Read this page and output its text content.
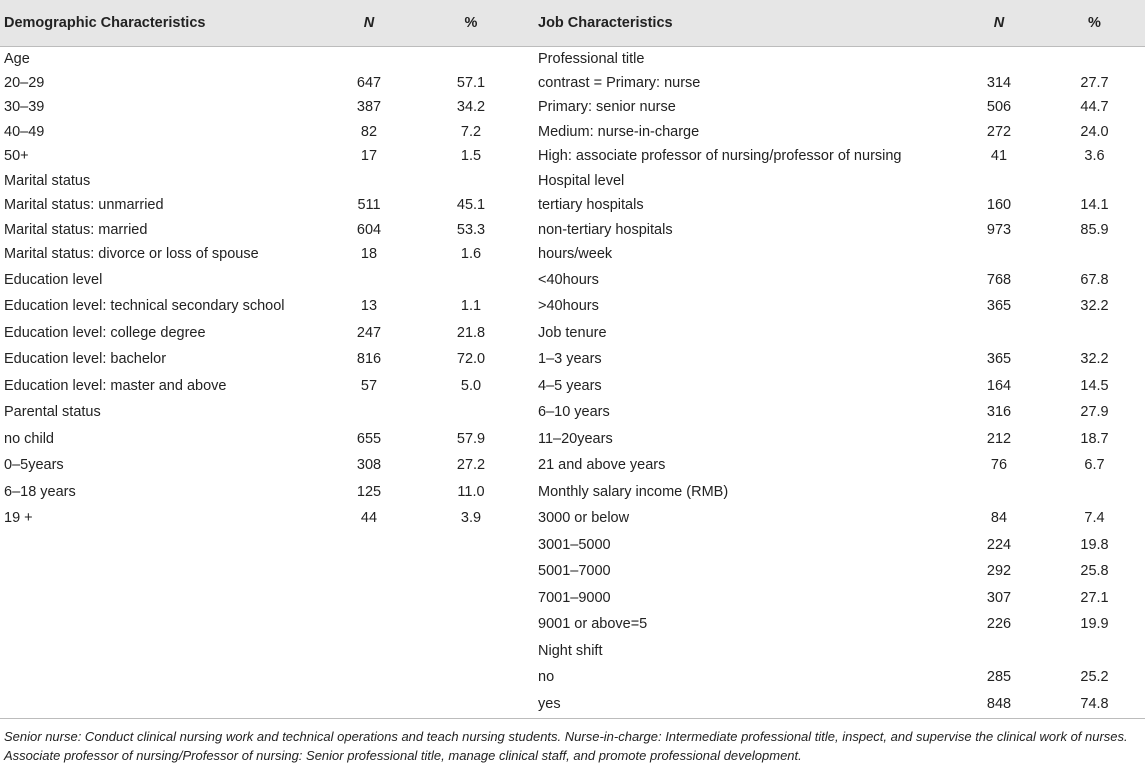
Demographic Characteristics	N	%	Job Characteristics	N	%
Age			Professional title		
20–29	647	57.1	contrast = Primary: nurse	314	27.7
30–39	387	34.2	Primary: senior nurse	506	44.7
40–49	82	7.2	Medium: nurse-in-charge	272	24.0
50+	17	1.5	High: associate professor of nursing/professor of nursing	41	3.6
Marital status			Hospital level		
Marital status: unmarried	511	45.1	tertiary hospitals	160	14.1
Marital status: married	604	53.3	non-tertiary hospitals	973	85.9
Marital status: divorce or loss of spouse	18	1.6	hours/week		
Education level			<40hours	768	67.8
Education level: technical secondary school	13	1.1	>40hours	365	32.2
Education level: college degree	247	21.8	Job tenure		
Education level: bachelor	816	72.0	1–3 years	365	32.2
Education level: master and above	57	5.0	4–5 years	164	14.5
Parental status			6–10 years	316	27.9
no child	655	57.9	11–20years	212	18.7
0–5years	308	27.2	21 and above years	76	6.7
6–18 years	125	11.0	Monthly salary income (RMB)		
19 +	44	3.9	3000 or below	84	7.4
			3001–5000	224	19.8
			5001–7000	292	25.8
			7001–9000	307	27.1
			9001 or above=5	226	19.9
			Night shift		
			no	285	25.2
			yes	848	74.8
Senior nurse: Conduct clinical nursing work and technical operations and teach nursing students. Nurse-in-charge: Intermediate professional title, inspect, and supervise the clinical work of nurses. Associate professor of nursing/Professor of nursing: Senior professional title, manage clinical staff, and promote professional development.
